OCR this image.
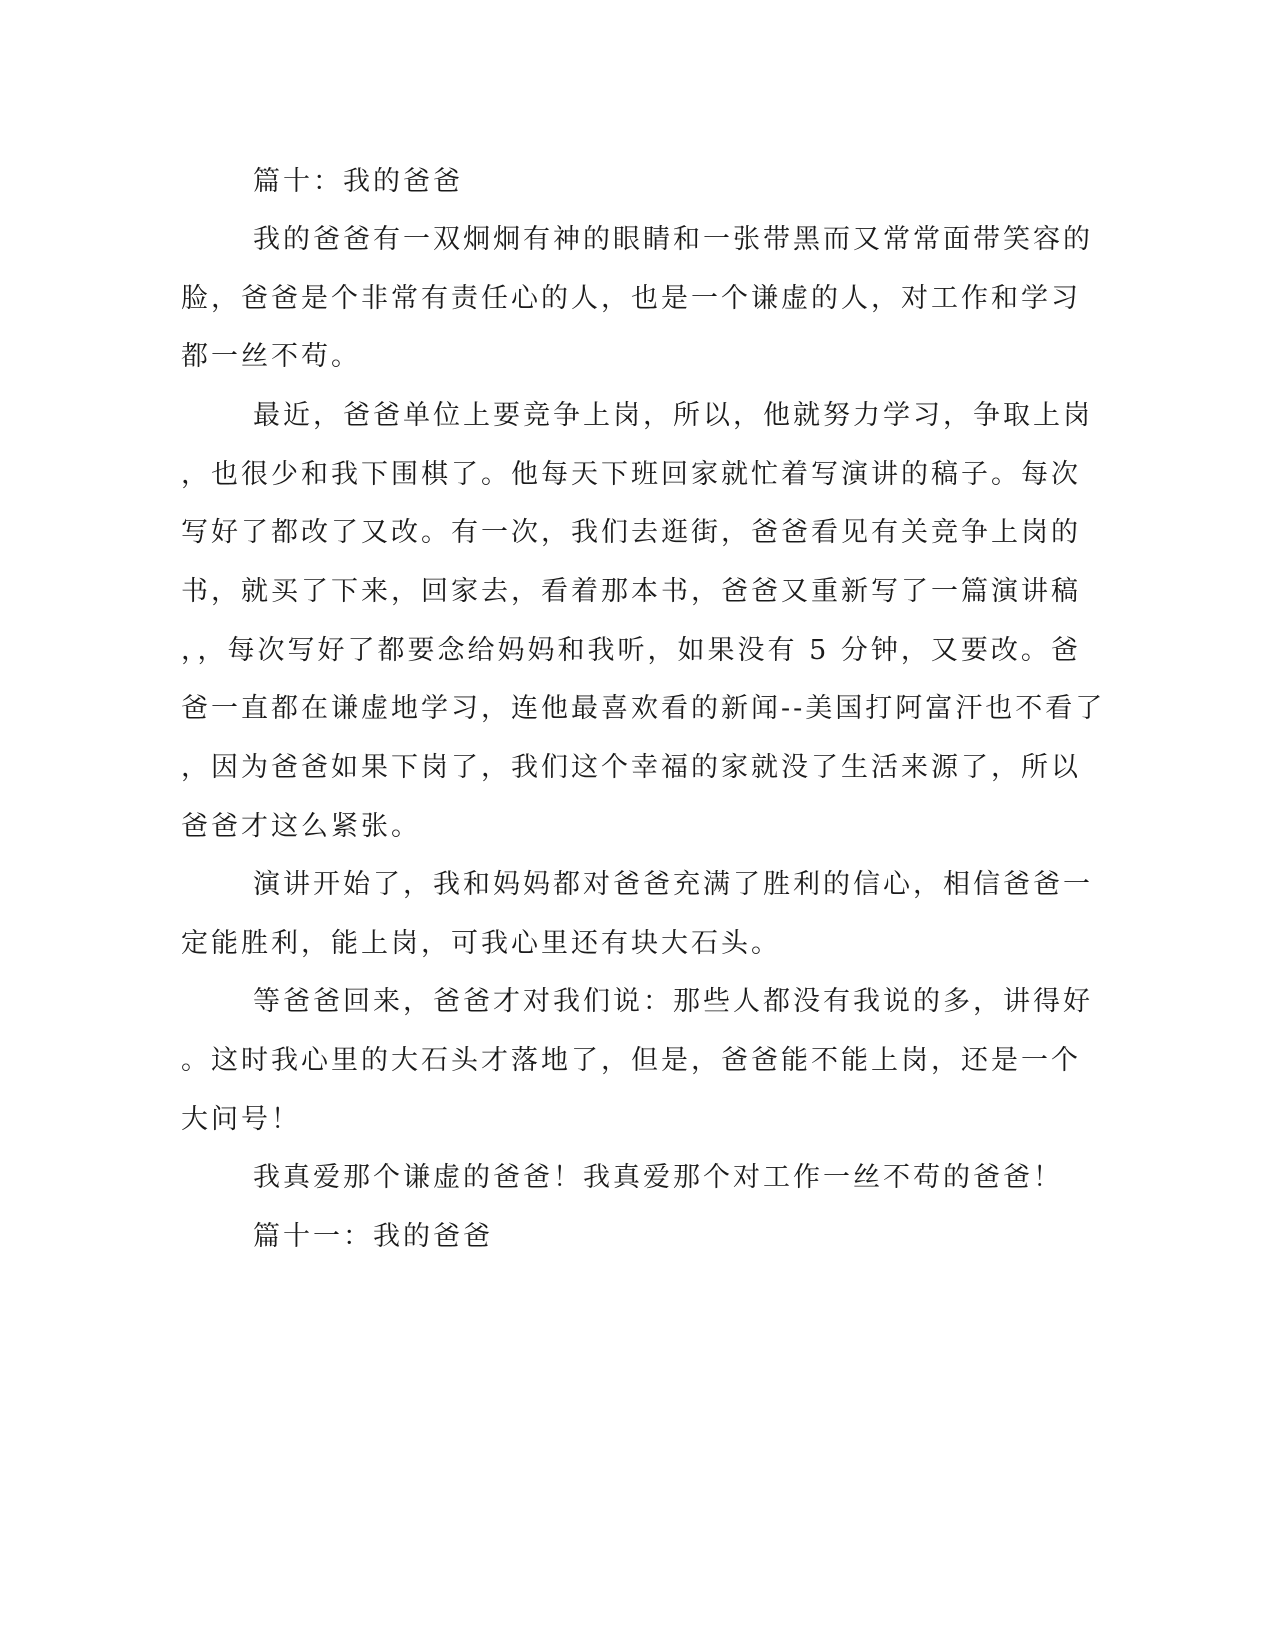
篇十：我的爸爸
我的爸爸有一双炯炯有神的眼睛和一张带黑而又常常面带笑容的
脸，爸爸是个非常有责任心的人，也是一个谦虚的人，对工作和学习
都一丝不苟。
最近，爸爸单位上要竞争上岗，所以，他就努力学习，争取上岗
，也很少和我下围棋了。他每天下班回家就忙着写演讲的稿子。每次
写好了都改了又改。有一次，我们去逛街，爸爸看见有关竞争上岗的
书，就买了下来，回家去，看着那本书，爸爸又重新写了一篇演讲稿
，，每次写好了都要念给妈妈和我听，如果没有 5 分钟，又要改。爸
爸一直都在谦虚地学习，连他最喜欢看的新闻--美国打阿富汗也不看了
，因为爸爸如果下岗了，我们这个幸福的家就没了生活来源了，所以
爸爸才这么紧张。
演讲开始了，我和妈妈都对爸爸充满了胜利的信心，相信爸爸一
定能胜利，能上岗，可我心里还有块大石头。
等爸爸回来，爸爸才对我们说：那些人都没有我说的多，讲得好
。这时我心里的大石头才落地了，但是，爸爸能不能上岗，还是一个
大问号！
我真爱那个谦虚的爸爸！我真爱那个对工作一丝不苟的爸爸！
篇十一：我的爸爸
